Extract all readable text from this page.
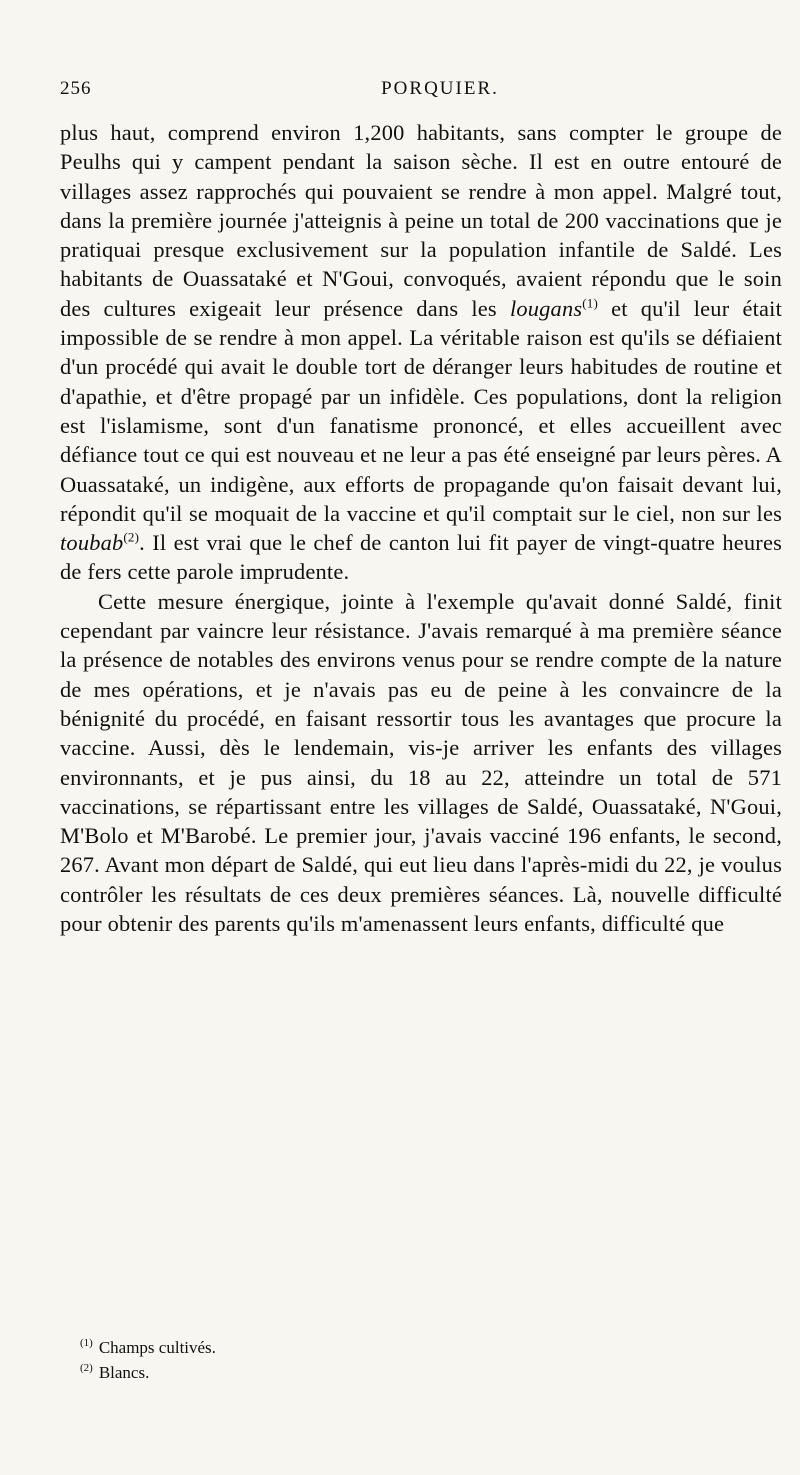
256	PORQUIER.

plus haut, comprend environ 1,200 habitants, sans compter le groupe de Peulhs qui y campent pendant la saison sèche. Il est en outre entouré de villages assez rapprochés qui pouvaient se rendre à mon appel. Malgré tout, dans la première journée j'atteignis à peine un total de 200 vaccinations que je pratiquai presque exclusivement sur la population infantile de Saldé. Les habitants de Ouassataké et N'Goui, convoqués, avaient répondu que le soin des cultures exigeait leur présence dans les lougans$^{(1)}$ et qu'il leur était impossible de se rendre à mon appel. La véritable raison est qu'ils se défiaient d'un procédé qui avait le double tort de déranger leurs habitudes de routine et d'apathie, et d'être propagé par un infidèle. Ces populations, dont la religion est l'islamisme, sont d'un fanatisme prononcé, et elles accueillent avec défiance tout ce qui est nouveau et ne leur a pas été enseigné par leurs pères. A Ouassataké, un indigène, aux efforts de propagande qu'on faisait devant lui, répondit qu'il se moquait de la vaccine et qu'il comptait sur le ciel, non sur les toubab$^{(2)}$. Il est vrai que le chef de canton lui fit payer de vingt-quatre heures de fers cette parole imprudente.

Cette mesure énergique, jointe à l'exemple qu'avait donné Saldé, finit cependant par vaincre leur résistance. J'avais remarqué à ma première séance la présence de notables des environs venus pour se rendre compte de la nature de mes opérations, et je n'avais pas eu de peine à les convaincre de la bénignité du procédé, en faisant ressortir tous les avantages que procure la vaccine. Aussi, dès le lendemain, vis-je arriver les enfants des villages environnants, et je pus ainsi, du 18 au 22, atteindre un total de 571 vaccinations, se répartissant entre les villages de Saldé, Ouassataké, N'Goui, M'Bolo et M'Barobé. Le premier jour, j'avais vacciné 196 enfants, le second, 267. Avant mon départ de Saldé, qui eut lieu dans l'après-midi du 22, je voulus contrôler les résultats de ces deux premières séances. Là, nouvelle difficulté pour obtenir des parents qu'ils m'amenassent leurs enfants, difficulté que

$^{(1)}$ Champs cultivés.
$^{(2)}$ Blancs.
